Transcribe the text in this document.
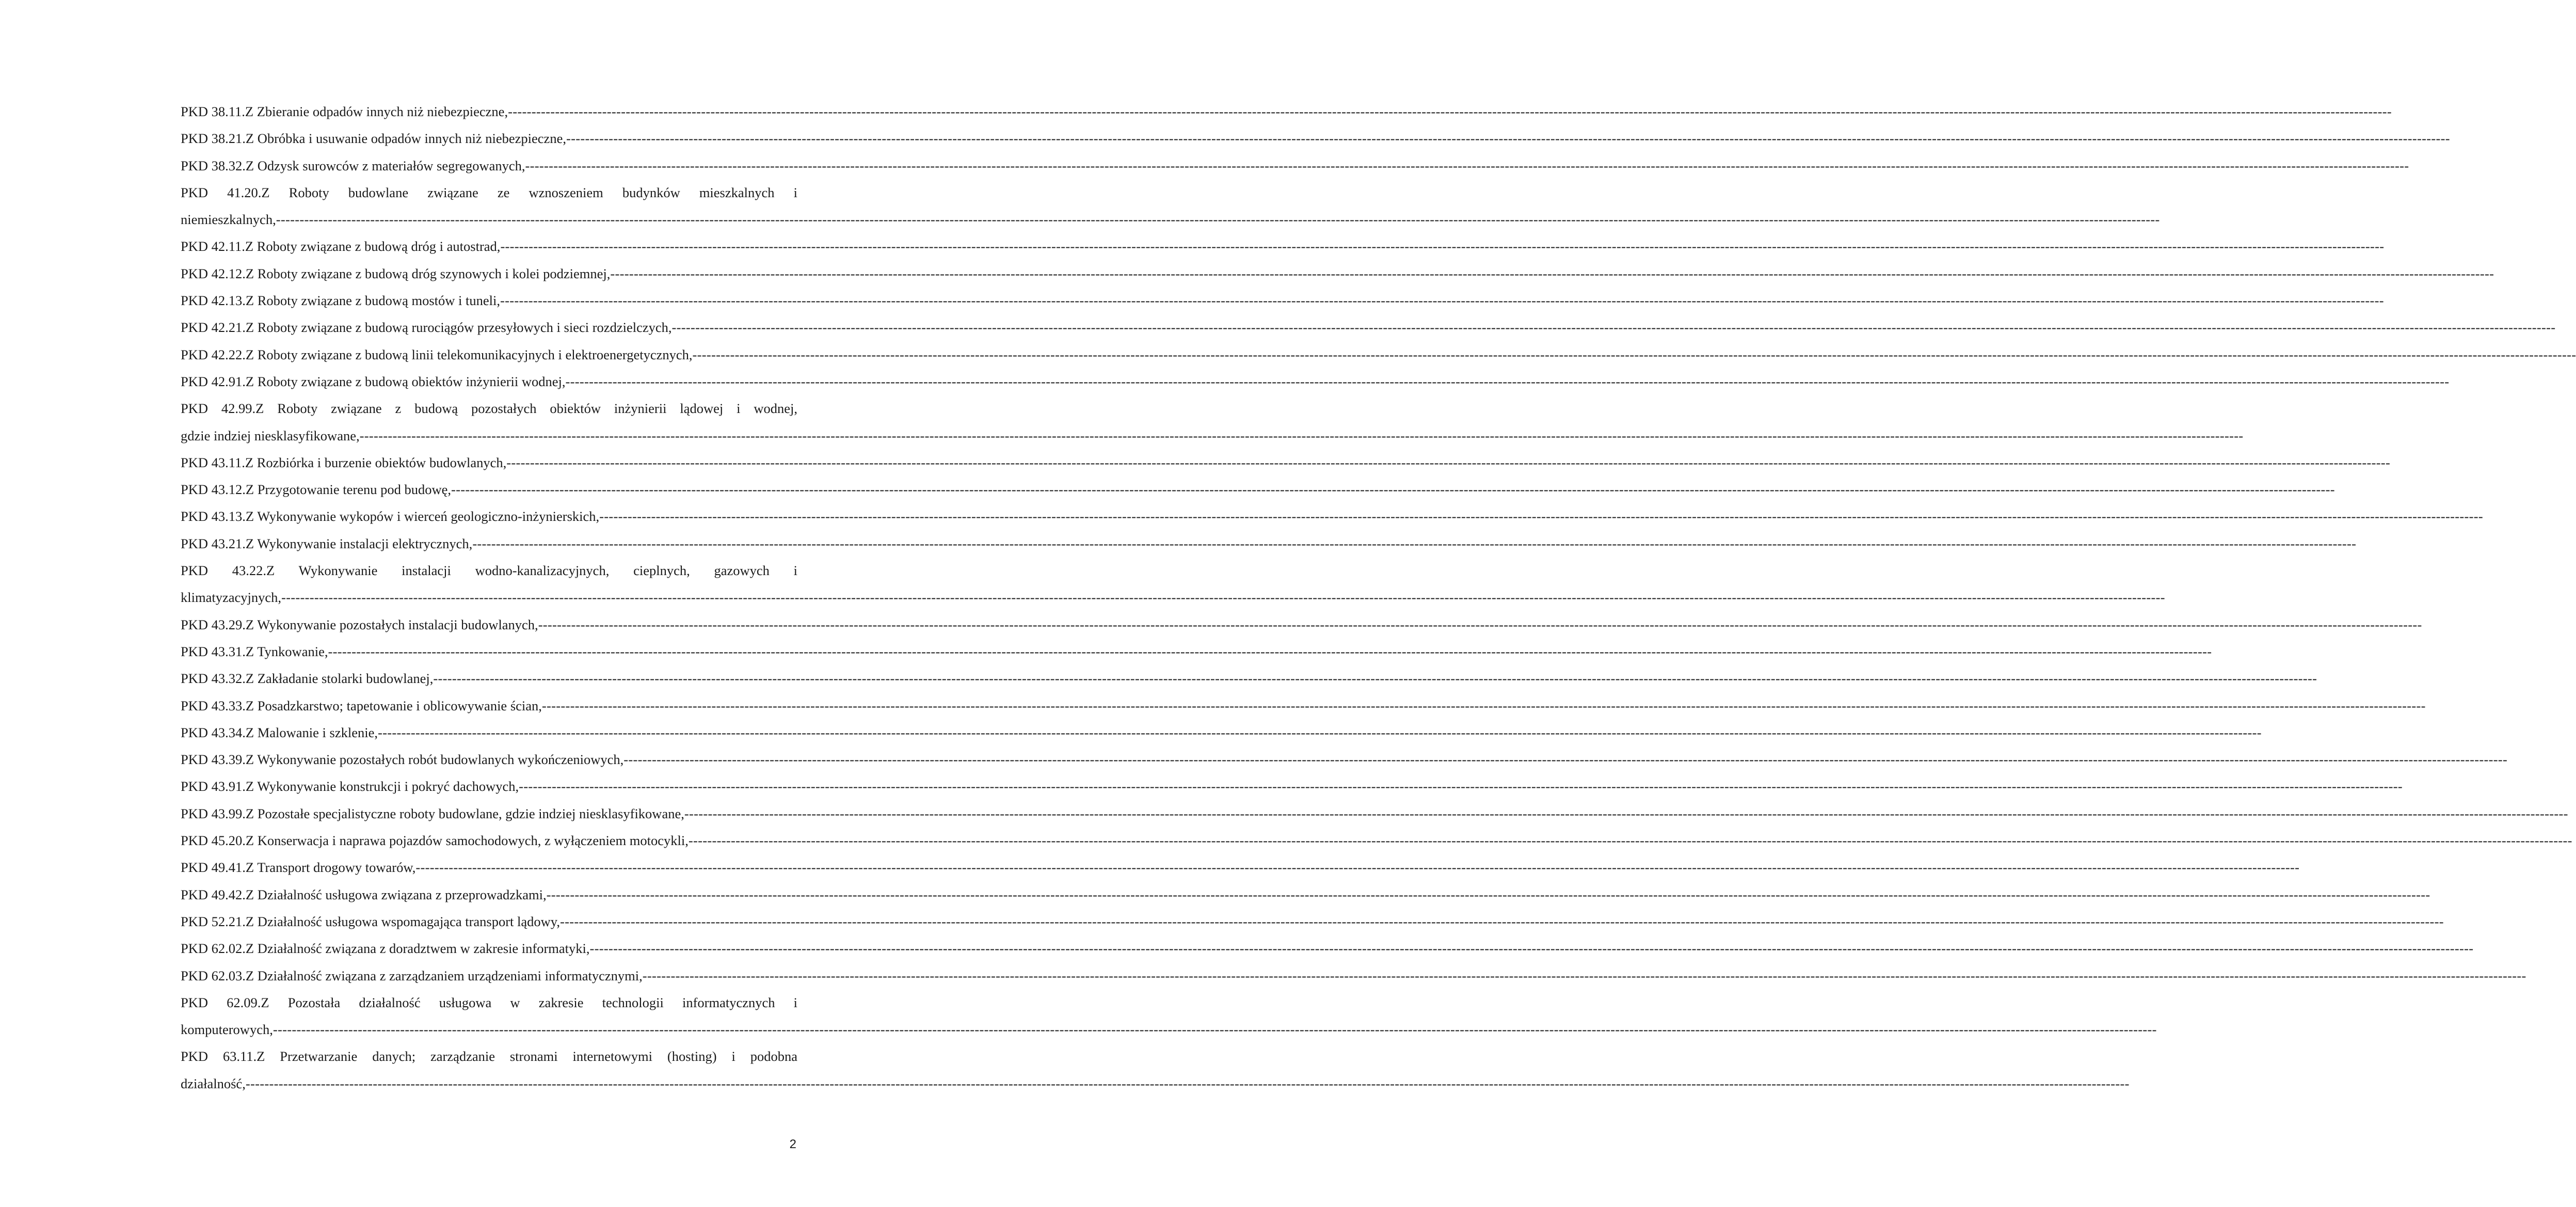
PKD 38.11.Z Zbieranie odpadów innych niż niebezpieczne, ----------------------------------------------------------------------------------------------------------------------------------------------------------------------------------------------------------------------------------------------------------------------------------------------------------------------------------------------------------------------------------------------------------------
PKD 38.21.Z Obróbka i usuwanie odpadów innych niż niebezpieczne, ----------------------------------------------------------------------------------------------------------------------------------------------------------------------------------------------------------------------------------------------------------------------------------------------------------------------------------------------------------------------------------------------------------------
PKD 38.32.Z Odzysk surowców z materiałów segregowanych, ----------------------------------------------------------------------------------------------------------------------------------------------------------------------------------------------------------------------------------------------------------------------------------------------------------------------------------------------------------------------------------------------------------------
PKD 41.20.Z Roboty budowlane związane ze wznoszeniem budynków mieszkalnych i
niemieszkalnych, ----------------------------------------------------------------------------------------------------------------------------------------------------------------------------------------------------------------------------------------------------------------------------------------------------------------------------------------------------------------------------------------------------------------
PKD 42.11.Z Roboty związane z budową dróg i autostrad, ----------------------------------------------------------------------------------------------------------------------------------------------------------------------------------------------------------------------------------------------------------------------------------------------------------------------------------------------------------------------------------------------------------------
PKD 42.12.Z Roboty związane z budową dróg szynowych i kolei podziemnej, ----------------------------------------------------------------------------------------------------------------------------------------------------------------------------------------------------------------------------------------------------------------------------------------------------------------------------------------------------------------------------------------------------------------
PKD 42.13.Z Roboty związane z budową mostów i tuneli, ----------------------------------------------------------------------------------------------------------------------------------------------------------------------------------------------------------------------------------------------------------------------------------------------------------------------------------------------------------------------------------------------------------------
PKD 42.21.Z Roboty związane z budową rurociągów przesyłowych i sieci rozdzielczych, ----------------------------------------------------------------------------------------------------------------------------------------------------------------------------------------------------------------------------------------------------------------------------------------------------------------------------------------------------------------------------------------------------------------
PKD 42.22.Z Roboty związane z budową linii telekomunikacyjnych i elektroenergetycznych, ----------------------------------------------------------------------------------------------------------------------------------------------------------------------------------------------------------------------------------------------------------------------------------------------------------------------------------------------------------------------------------------------------------------
PKD 42.91.Z Roboty związane z budową obiektów inżynierii wodnej, ----------------------------------------------------------------------------------------------------------------------------------------------------------------------------------------------------------------------------------------------------------------------------------------------------------------------------------------------------------------------------------------------------------------
PKD 42.99.Z Roboty związane z budową pozostałych obiektów inżynierii lądowej i wodnej,
gdzie indziej niesklasyfikowane, ----------------------------------------------------------------------------------------------------------------------------------------------------------------------------------------------------------------------------------------------------------------------------------------------------------------------------------------------------------------------------------------------------------------
PKD 43.11.Z Rozbiórka i burzenie obiektów budowlanych, ----------------------------------------------------------------------------------------------------------------------------------------------------------------------------------------------------------------------------------------------------------------------------------------------------------------------------------------------------------------------------------------------------------------
PKD 43.12.Z Przygotowanie terenu pod budowę, ----------------------------------------------------------------------------------------------------------------------------------------------------------------------------------------------------------------------------------------------------------------------------------------------------------------------------------------------------------------------------------------------------------------
PKD 43.13.Z Wykonywanie wykopów i wierceń geologiczno-inżynierskich, ----------------------------------------------------------------------------------------------------------------------------------------------------------------------------------------------------------------------------------------------------------------------------------------------------------------------------------------------------------------------------------------------------------------
PKD 43.21.Z Wykonywanie instalacji elektrycznych, ----------------------------------------------------------------------------------------------------------------------------------------------------------------------------------------------------------------------------------------------------------------------------------------------------------------------------------------------------------------------------------------------------------------
PKD 43.22.Z Wykonywanie instalacji wodno-kanalizacyjnych, cieplnych, gazowych i
klimatyzacyjnych, ----------------------------------------------------------------------------------------------------------------------------------------------------------------------------------------------------------------------------------------------------------------------------------------------------------------------------------------------------------------------------------------------------------------
PKD 43.29.Z Wykonywanie pozostałych instalacji budowlanych, ----------------------------------------------------------------------------------------------------------------------------------------------------------------------------------------------------------------------------------------------------------------------------------------------------------------------------------------------------------------------------------------------------------------
PKD 43.31.Z Tynkowanie, ----------------------------------------------------------------------------------------------------------------------------------------------------------------------------------------------------------------------------------------------------------------------------------------------------------------------------------------------------------------------------------------------------------------
PKD 43.32.Z Zakładanie stolarki budowlanej, ----------------------------------------------------------------------------------------------------------------------------------------------------------------------------------------------------------------------------------------------------------------------------------------------------------------------------------------------------------------------------------------------------------------
PKD 43.33.Z Posadzkarstwo; tapetowanie i oblicowywanie ścian, ----------------------------------------------------------------------------------------------------------------------------------------------------------------------------------------------------------------------------------------------------------------------------------------------------------------------------------------------------------------------------------------------------------------
PKD 43.34.Z Malowanie i szklenie, ----------------------------------------------------------------------------------------------------------------------------------------------------------------------------------------------------------------------------------------------------------------------------------------------------------------------------------------------------------------------------------------------------------------
PKD 43.39.Z Wykonywanie pozostałych robót budowlanych wykończeniowych, ----------------------------------------------------------------------------------------------------------------------------------------------------------------------------------------------------------------------------------------------------------------------------------------------------------------------------------------------------------------------------------------------------------------
PKD 43.91.Z Wykonywanie konstrukcji i pokryć dachowych, ----------------------------------------------------------------------------------------------------------------------------------------------------------------------------------------------------------------------------------------------------------------------------------------------------------------------------------------------------------------------------------------------------------------
PKD 43.99.Z Pozostałe specjalistyczne roboty budowlane, gdzie indziej niesklasyfikowane, ----------------------------------------------------------------------------------------------------------------------------------------------------------------------------------------------------------------------------------------------------------------------------------------------------------------------------------------------------------------------------------------------------------------
PKD 45.20.Z Konserwacja i naprawa pojazdów samochodowych, z wyłączeniem motocykli, ----------------------------------------------------------------------------------------------------------------------------------------------------------------------------------------------------------------------------------------------------------------------------------------------------------------------------------------------------------------------------------------------------------------
PKD 49.41.Z Transport drogowy towarów, ----------------------------------------------------------------------------------------------------------------------------------------------------------------------------------------------------------------------------------------------------------------------------------------------------------------------------------------------------------------------------------------------------------------
PKD 49.42.Z Działalność usługowa związana z przeprowadzkami, ----------------------------------------------------------------------------------------------------------------------------------------------------------------------------------------------------------------------------------------------------------------------------------------------------------------------------------------------------------------------------------------------------------------
PKD 52.21.Z Działalność usługowa wspomagająca transport lądowy, ----------------------------------------------------------------------------------------------------------------------------------------------------------------------------------------------------------------------------------------------------------------------------------------------------------------------------------------------------------------------------------------------------------------
PKD 62.02.Z Działalność związana z doradztwem w zakresie informatyki, ----------------------------------------------------------------------------------------------------------------------------------------------------------------------------------------------------------------------------------------------------------------------------------------------------------------------------------------------------------------------------------------------------------------
PKD 62.03.Z Działalność związana z zarządzaniem urządzeniami informatycznymi, ----------------------------------------------------------------------------------------------------------------------------------------------------------------------------------------------------------------------------------------------------------------------------------------------------------------------------------------------------------------------------------------------------------------
PKD 62.09.Z Pozostała działalność usługowa w zakresie technologii informatycznych i
komputerowych, ----------------------------------------------------------------------------------------------------------------------------------------------------------------------------------------------------------------------------------------------------------------------------------------------------------------------------------------------------------------------------------------------------------------
PKD 63.11.Z Przetwarzanie danych; zarządzanie stronami internetowymi (hosting) i podobna
działalność, ----------------------------------------------------------------------------------------------------------------------------------------------------------------------------------------------------------------------------------------------------------------------------------------------------------------------------------------------------------------------------------------------------------------
2
